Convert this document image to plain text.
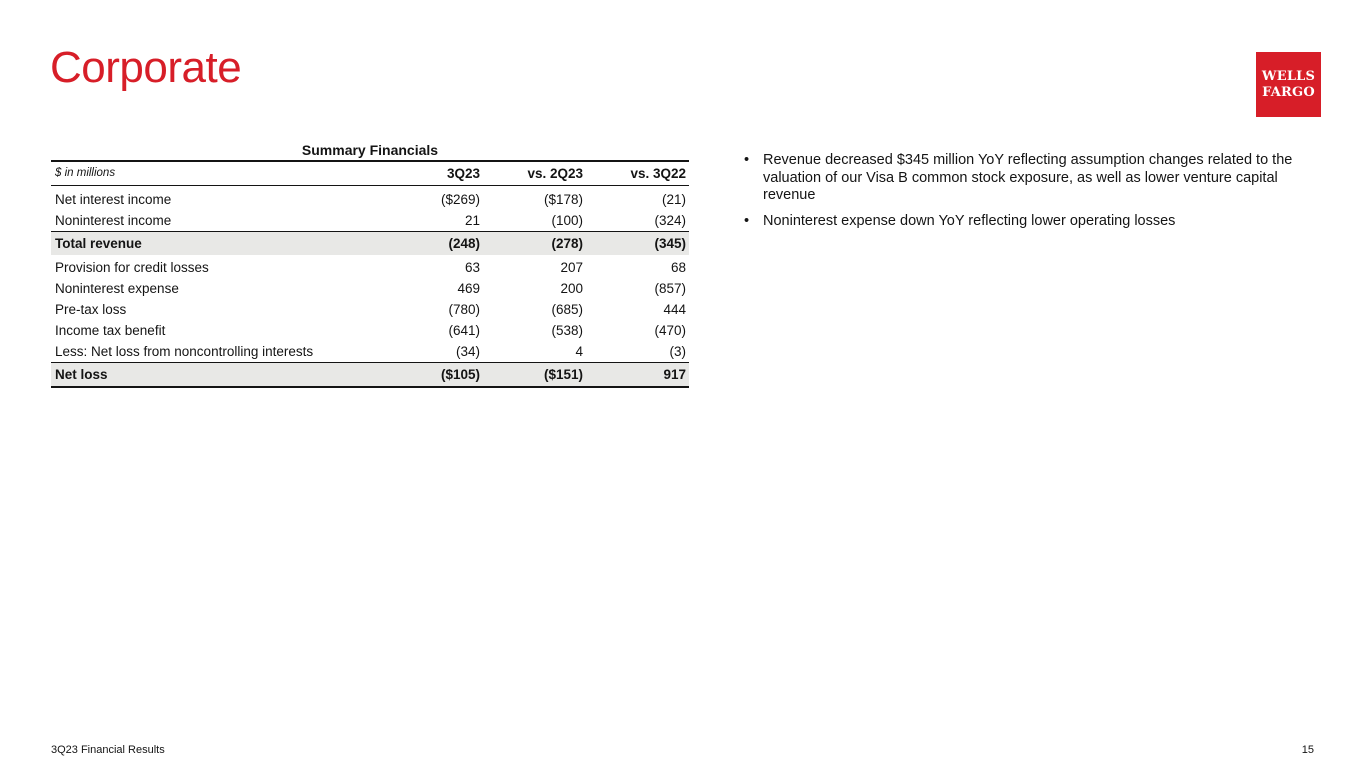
Corporate	WELLS
FARGO
Summary Financials
$ in millions	3Q23	vs. 2Q23	vs. 3Q22
Net interest income	($269)	($178)	(21)
Noninterest income	21	(100)	(324)
Total revenue	(248)	(278)	(345)
Provision for credit losses	63	207	68
Noninterest expense	469	200	(857)
Pre-tax loss	(780)	(685)	444
Income tax benefit	(641)	(538)	(470)
Less: Net loss from noncontrolling interests	(34)	4	(3)
Net loss	($105)	($151)	917
• Revenue decreased $345 million YoY reflecting assumption changes related to the valuation of our Visa B common stock exposure, as well as lower venture capital revenue
• Noninterest expense down YoY reflecting lower operating losses
3Q23 Financial Results	15
